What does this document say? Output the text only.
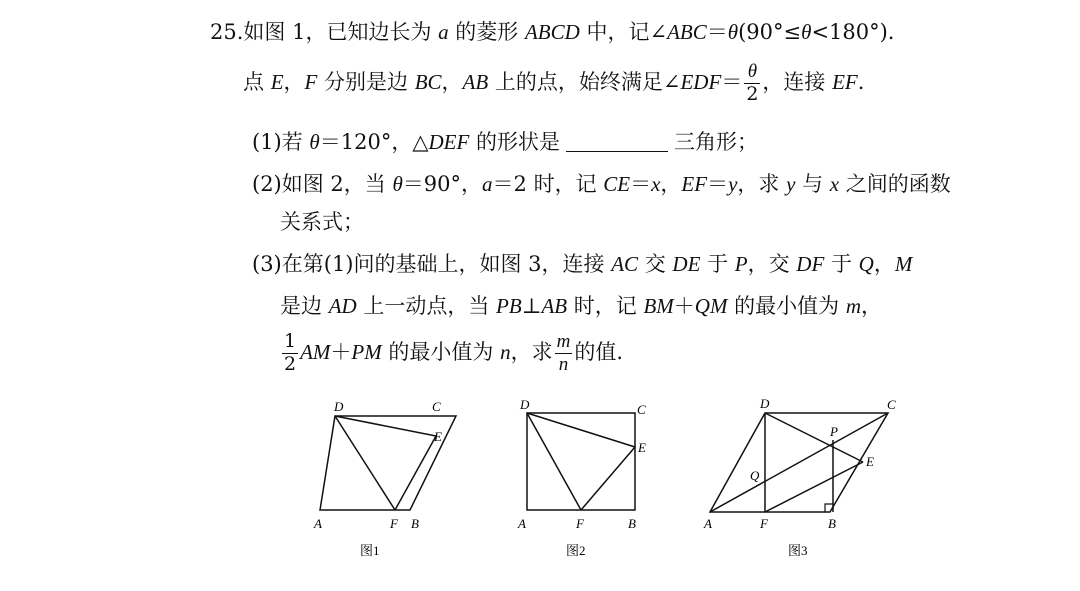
25.如图 1，已知边长为 a 的菱形 ABCD 中，记∠ABC＝θ(90°≤θ<180°).
点 E，F 分别是边 BC，AB 上的点，始终满足∠EDF＝ $\frac{\theta}{2}$ ，连接 EF.
(1)若 θ＝120°，△DEF 的形状是	三角形；
(2)如图 2，当 θ＝90°，a＝2 时，记 CE＝x，EF＝y，求 y 与 x 之间的函数
关系式；
(3)在第(1)问的基础上，如图 3，连接 AC 交 DE 于 P，交 DF 于 Q，M
是边 AD 上一动点，当 PB⊥AB 时，记 BM＋QM 的最小值为 m，
$\frac{1}{2} AM+PM$ 的最小值为 n，求 $\frac{m}{n}$ 的值.
A	F B
D	C
E
图1
A	F	B
D	C
E
图2
A	F	B
D	C
E
P
Q
图3
